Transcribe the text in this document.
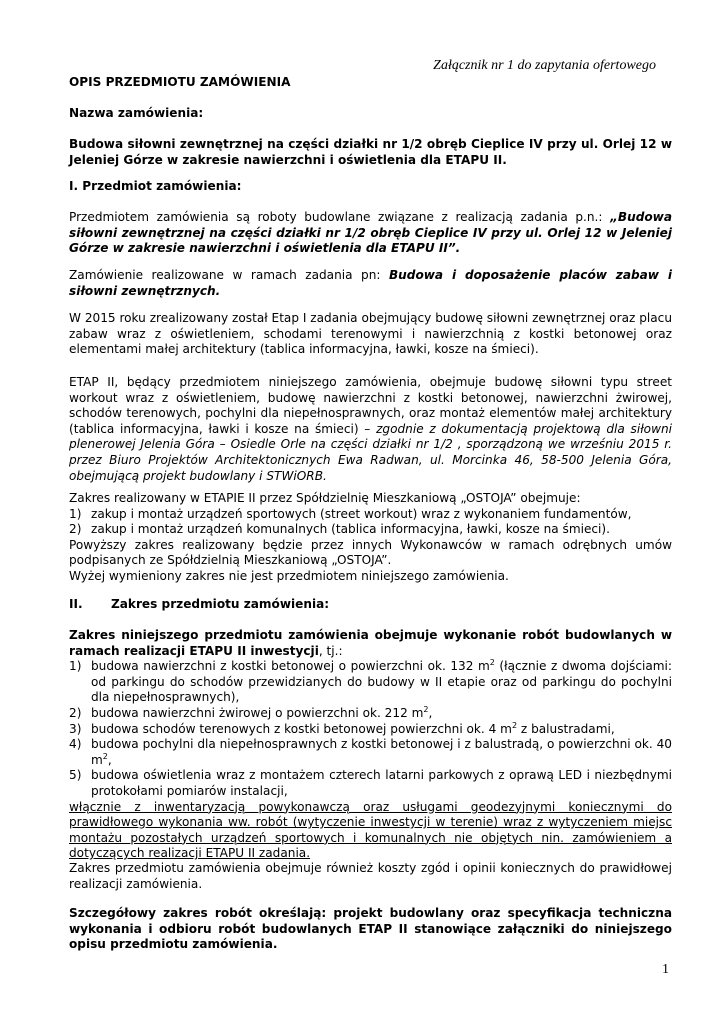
Załącznik nr 1 do zapytania ofertowego

OPIS PRZEDMIOTU ZAMÓWIENIA

Nazwa zamówienia:

Budowa siłowni zewnętrznej na części działki nr 1/2 obręb Cieplice IV przy ul. Orlej 12 w Jeleniej Górze w zakresie nawierzchni i oświetlenia dla ETAPU II.

I. Przedmiot zamówienia:

Przedmiotem zamówienia są roboty budowlane związane z realizacją zadania p.n.: „Budowa siłowni zewnętrznej na części działki nr 1/2 obręb Cieplice IV przy ul. Orlej 12 w Jeleniej Górze w zakresie nawierzchni i oświetlenia dla ETAPU II”.

Zamówienie realizowane w ramach zadania pn: Budowa i doposażenie placów zabaw i siłowni zewnętrznych.

W 2015 roku zrealizowany został Etap I zadania obejmujący budowę siłowni zewnętrznej oraz placu zabaw wraz z oświetleniem, schodami terenowymi i nawierzchnią z kostki betonowej oraz elementami małej architektury (tablica informacyjna, ławki, kosze na śmieci).

ETAP II, będący przedmiotem niniejszego zamówienia, obejmuje budowę siłowni typu street workout wraz z oświetleniem, budowę nawierzchni z kostki betonowej, nawierzchni żwirowej, schodów terenowych, pochylni dla niepełnosprawnych, oraz montaż elementów małej architektury (tablica informacyjna, ławki i kosze na śmieci) – zgodnie z dokumentacją projektową dla siłowni plenerowej Jelenia Góra – Osiedle Orle na części działki nr 1/2 , sporządzoną we wrześniu 2015 r. przez Biuro Projektów Architektonicznych Ewa Radwan, ul. Morcinka 46, 58-500 Jelenia Góra, obejmującą projekt budowlany i STWiORB.

Zakres realizowany w ETAPIE II przez Spółdzielnię Mieszkaniową „OSTOJA” obejmuje:
1) zakup i montaż urządzeń sportowych (street workout) wraz z wykonaniem fundamentów,
2) zakup i montaż urządzeń komunalnych (tablica informacyjna, ławki, kosze na śmieci).
Powyższy zakres realizowany będzie przez innych Wykonawców w ramach odrębnych umów podpisanych ze Spółdzielnią Mieszkaniową „OSTOJA”.
Wyżej wymieniony zakres nie jest przedmiotem niniejszego zamówienia.

II. Zakres przedmiotu zamówienia:

Zakres niniejszego przedmiotu zamówienia obejmuje wykonanie robót budowlanych w ramach realizacji ETAPU II inwestycji, tj.:
1) budowa nawierzchni z kostki betonowej o powierzchni ok. 132 $m^2$ (łącznie z dwoma dojściami: od parkingu do schodów przewidzianych do budowy w II etapie oraz od parkingu do pochylni dla niepełnosprawnych),
2) budowa nawierzchni żwirowej o powierzchni ok. 212 $m^2$,
3) budowa schodów terenowych z kostki betonowej powierzchni ok. 4 $m^2$ z balustradami,
4) budowa pochylni dla niepełnosprawnych z kostki betonowej i z balustradą, o powierzchni ok. 40 $m^2$,
5) budowa oświetlenia wraz z montażem czterech latarni parkowych z oprawą LED i niezbędnymi protokołami pomiarów instalacji,
włącznie z inwentaryzacją powykonawczą oraz usługami geodezyjnymi koniecznymi do prawidłowego wykonania ww. robót (wytyczenie inwestycji w terenie) wraz z wytyczeniem miejsc montażu pozostałych urządzeń sportowych i komunalnych nie objętych nin. zamówieniem a dotyczących realizacji ETAPU II zadania.

Zakres przedmiotu zamówienia obejmuje również koszty zgód i opinii koniecznych do prawidłowej realizacji zamówienia.

Szczegółowy zakres robót określają: projekt budowlany oraz specyfikacja techniczna wykonania i odbioru robót budowlanych ETAP II stanowiące załączniki do niniejszego opisu przedmiotu zamówienia.

1
